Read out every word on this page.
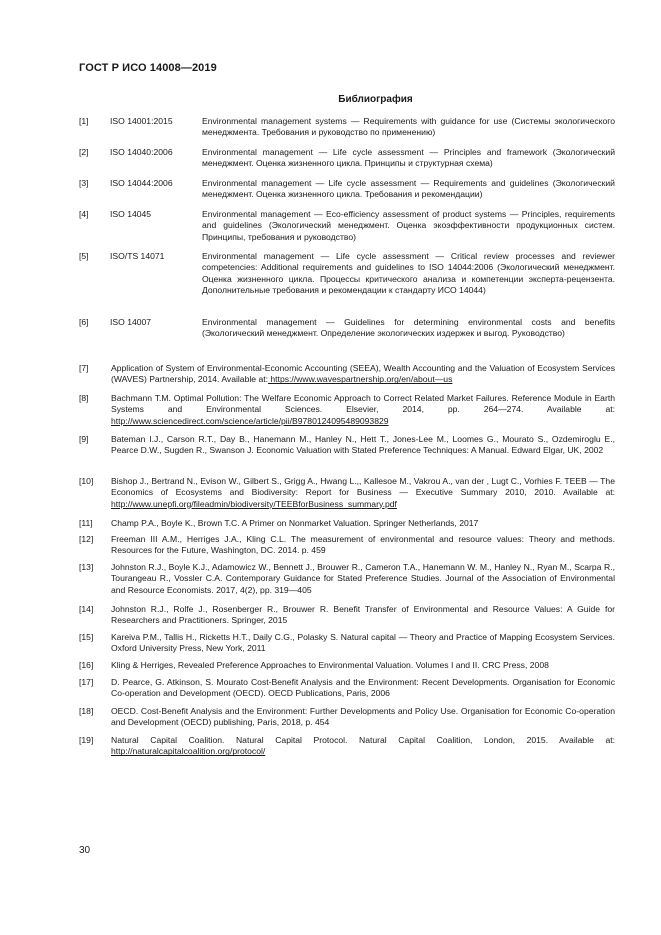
ГОСТ Р ИСО 14008—2019
Библиография
[1] ISO 14001:2015	Environmental management systems — Requirements with guidance for use (Системы экологического менеджмента. Требования и руководство по применению)
[2] ISO 14040:2006	Environmental management — Life cycle assessment — Principles and framework (Экологический менеджмент. Оценка жизненного цикла. Принципы и структурная схема)
[3] ISO 14044:2006	Environmental management — Life cycle assessment — Requirements and guidelines (Экологический менеджмент. Оценка жизненного цикла. Требования и рекомендации)
[4] ISO 14045	Environmental management — Eco-efficiency assessment of product systems — Principles, requirements and guidelines (Экологический менеджмент. Оценка экоэффективности продукционных систем. Принципы, требования и руководство)
[5] ISO/TS 14071	Environmental management — Life cycle assessment — Critical review processes and reviewer competencies: Additional requirements and guidelines to ISO 14044:2006 (Экологический менеджмент. Оценка жизненного цикла. Процессы критического анализа и компетенции эксперта-рецензента. Дополнительные требования и рекомендации к стандарту ИСО 14044)
[6] ISO 14007	Environmental management — Guidelines for determining environmental costs and benefits (Экологический менеджмент. Определение экологических издержек и выгод. Руководство)
[7]	Application of System of Environmental-Economic Accounting (SEEA), Wealth Accounting and the Valuation of Ecosystem Services (WAVES) Partnership, 2014. Available at: https://www.wavespartnership.org/en/about—us
[8]	Bachmann T.M. Optimal Pollution: The Welfare Economic Approach to Correct Related Market Failures. Reference Module in Earth Systems and Environmental Sciences. Elsevier, 2014, pp. 264—274. Available at: http://www.sciencedirect.com/science/article/pii/B9780124095489093829
[9]	Bateman I.J., Carson R.T., Day B., Hanemann M., Hanley N., Hett T., Jones-Lee M., Loomes G., Mourato S., Ozdemiroglu E., Pearce D.W., Sugden R., Swanson J. Economic Valuation with Stated Preference Techniques: A Manual. Edward Elgar, UK, 2002
[10] Bishop J., Bertrand N., Evison W., Gilbert S., Grigg A., Hwang L.,, Kallesoe M., Vakrou A., van der , Lugt C., Vorhies F. TEEB — The Economics of Ecosystems and Biodiversity: Report for Business — Executive Summary 2010, 2010. Available at: http://www.unepfi.org/fileadmin/biodiversity/TEEBforBusiness_summary.pdf
[11] Champ P.A., Boyle K., Brown T.C. A Primer on Nonmarket Valuation. Springer Netherlands, 2017
[12] Freeman III A.M., Herriges J.A., Kling C.L. The measurement of environmental and resource values: Theory and methods. Resources for the Future, Washington, DC. 2014. p. 459
[13] Johnston R.J., Boyle K.J., Adamowicz W., Bennett J., Brouwer R., Cameron T.A., Hanemann W. M., Hanley N., Ryan M., Scarpa R., Tourangeau R., Vossler C.A. Contemporary Guidance for Stated Preference Studies. Journal of the Association of Environmental and Resource Economists. 2017, 4(2), pp. 319—405
[14] Johnston R.J., Rolfe J., Rosenberger R., Brouwer R. Benefit Transfer of Environmental and Resource Values: A Guide for Researchers and Practitioners. Springer, 2015
[15] Kareiva P.M., Tallis H., Ricketts H.T., Daily C.G., Polasky S. Natural capital — Theory and Practice of Mapping Ecosystem Services. Oxford University Press, New York, 2011
[16] Kling & Herriges, Revealed Preference Approaches to Environmental Valuation. Volumes I and II. CRC Press, 2008
[17] D. Pearce, G. Atkinson, S. Mourato Cost-Benefit Analysis and the Environment: Recent Developments. Organisation for Economic Co-operation and Development (OECD). OECD Publications, Paris, 2006
[18] OECD. Cost-Benefit Analysis and the Environment: Further Developments and Policy Use. Organisation for Economic Co-operation and Development (OECD) publishing, Paris, 2018, p. 454
[19] Natural Capital Coalition. Natural Capital Protocol. Natural Capital Coalition, London, 2015. Available at: http://naturalcapitalcoalition.org/protocol/
30
